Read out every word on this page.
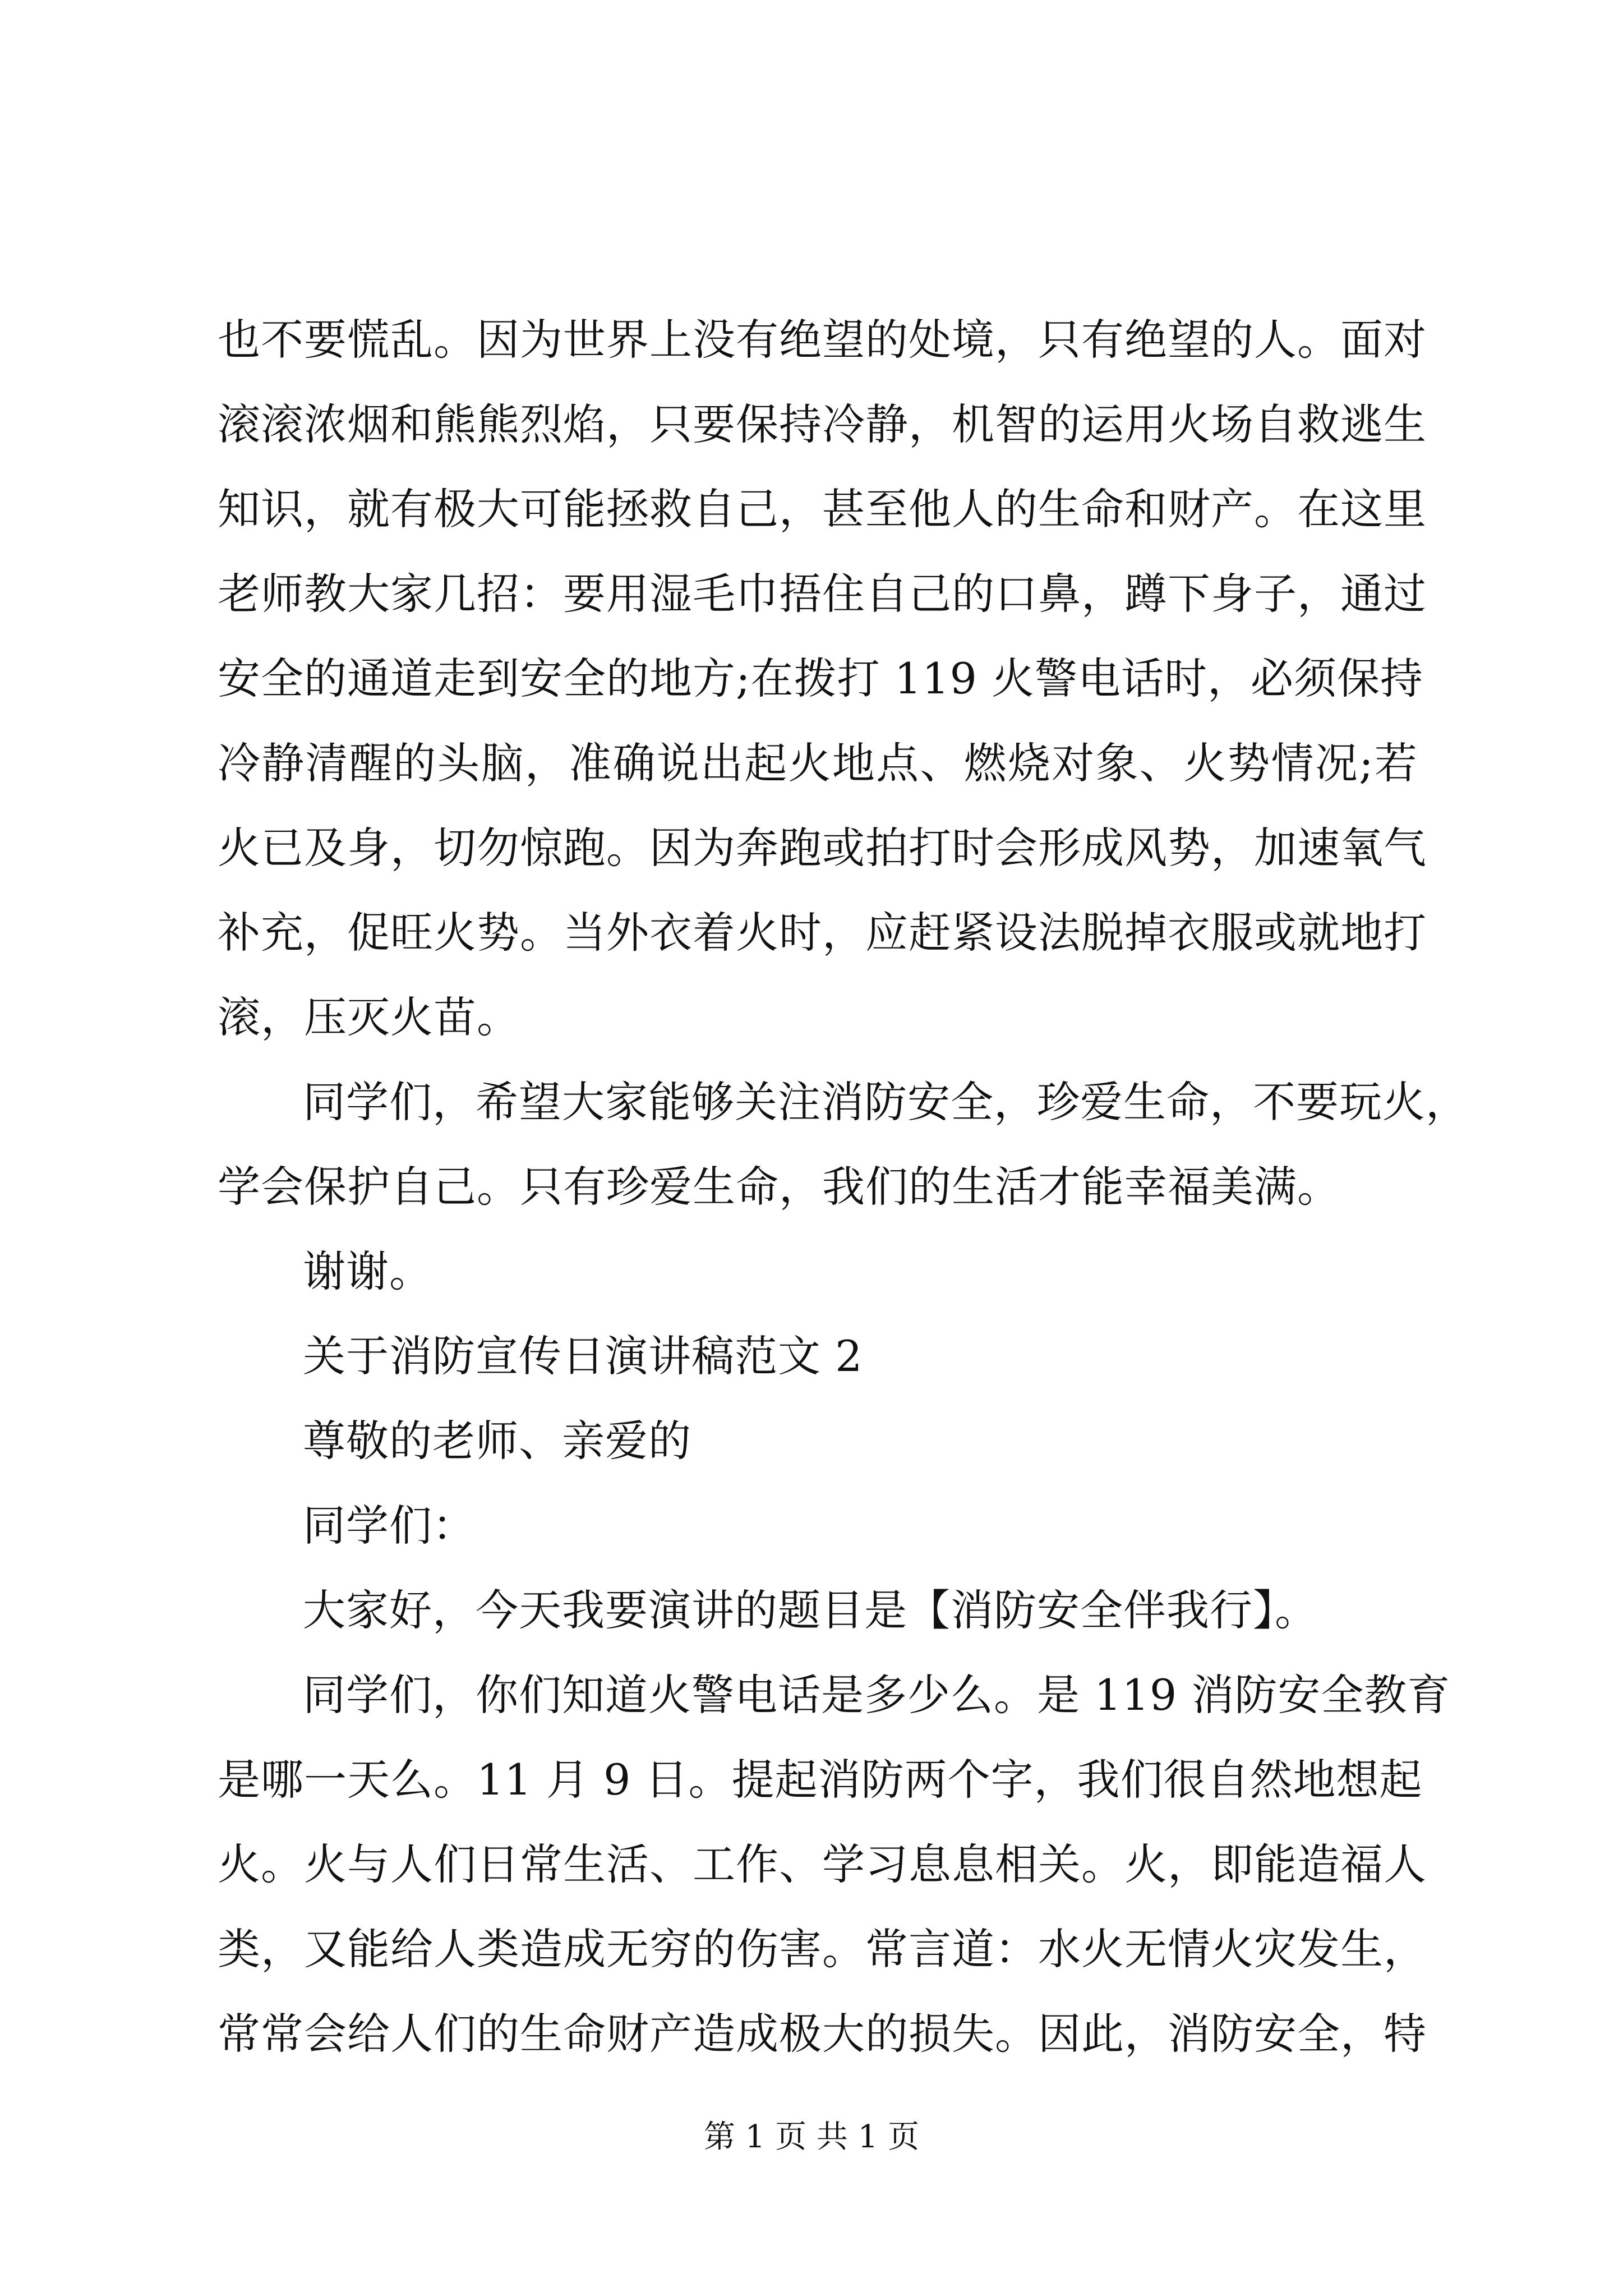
也不要慌乱。因为世界上没有绝望的处境，只有绝望的人。面对
滚滚浓烟和熊熊烈焰，只要保持冷静，机智的运用火场自救逃生
知识，就有极大可能拯救自己，甚至他人的生命和财产。在这里
老师教大家几招：要用湿毛巾捂住自己的口鼻，蹲下身子，通过
安全的通道走到安全的地方;在拨打 119 火警电话时，必须保持
冷静清醒的头脑，准确说出起火地点、燃烧对象、火势情况;若
火已及身，切勿惊跑。因为奔跑或拍打时会形成风势，加速氧气
补充，促旺火势。当外衣着火时，应赶紧设法脱掉衣服或就地打
滚，压灭火苗。
同学们，希望大家能够关注消防安全，珍爱生命，不要玩火，
学会保护自己。只有珍爱生命，我们的生活才能幸福美满。
谢谢。
关于消防宣传日演讲稿范文 2
尊敬的老师、亲爱的
同学们：
大家好，今天我要演讲的题目是【消防安全伴我行】。
同学们，你们知道火警电话是多少么。是 119 消防安全教育
是哪一天么。11 月 9 日。提起消防两个字，我们很自然地想起
火。火与人们日常生活、工作、学习息息相关。火，即能造福人
类，又能给人类造成无穷的伤害。常言道：水火无情火灾发生，
常常会给人们的生命财产造成极大的损失。因此，消防安全，特
第 1 页 共 1 页
